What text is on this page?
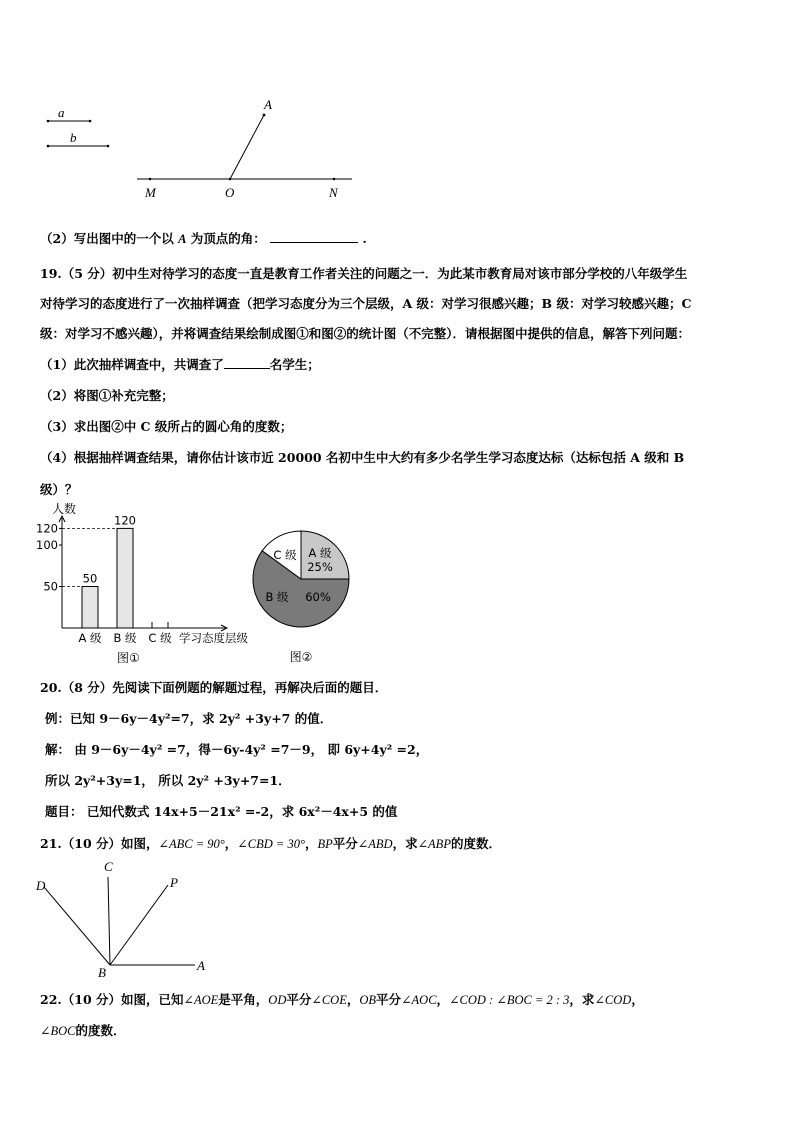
a
b
A
M	O	N
（2）写出图中的一个以 A 为顶点的角：	.
19.（5 分）初中生对待学习的态度一直是教育工作者关注的问题之一．为此某市教育局对该市部分学校的八年级学生
对待学习的态度进行了一次抽样调查（把学习态度分为三个层级，A 级：对学习很感兴趣；B 级：对学习较感兴趣；C
级：对学习不感兴趣），并将调查结果绘制成图①和图②的统计图（不完整）．请根据图中提供的信息，解答下列问题：
（1）此次抽样调查中，共调查了	名学生；
（2）将图①补充完整；
（3）求出图②中 C 级所占的圆心角的度数；
（4）根据抽样调查结果，请你估计该市近 20000 名初中生中大约有多少名学生学习态度达标（达标包括 A 级和 B
级）？
人数
50
100
120
50
A 级
120
B 级 C 级 学习态度层级
图①
A 级
25%
B 级 60%
C 级
图②
20.（8 分）先阅读下面例题的解题过程，再解决后面的题目．
例：已知 9－6y－4y²=7，求 2y² +3y+7 的值．
解： 由 9－6y－4y² =7，得－6y-4y² =7－9， 即 6y+4y² =2，
所以 2y²+3y=1， 所以 2y² +3y+7=1．
题目： 已知代数式 14x+5－21x² =-2，求 6x²－4x+5 的值
21.（10 分）如图，∠ABC = 90°，∠CBD = 30°，BP平分∠ABD，求∠ABP的度数．
D
C
P
B	A
22.（10 分）如图，已知∠AOE是平角，OD平分∠COE，OB平分∠AOC，∠COD : ∠BOC = 2 : 3，求∠COD，
∠BOC的度数．
